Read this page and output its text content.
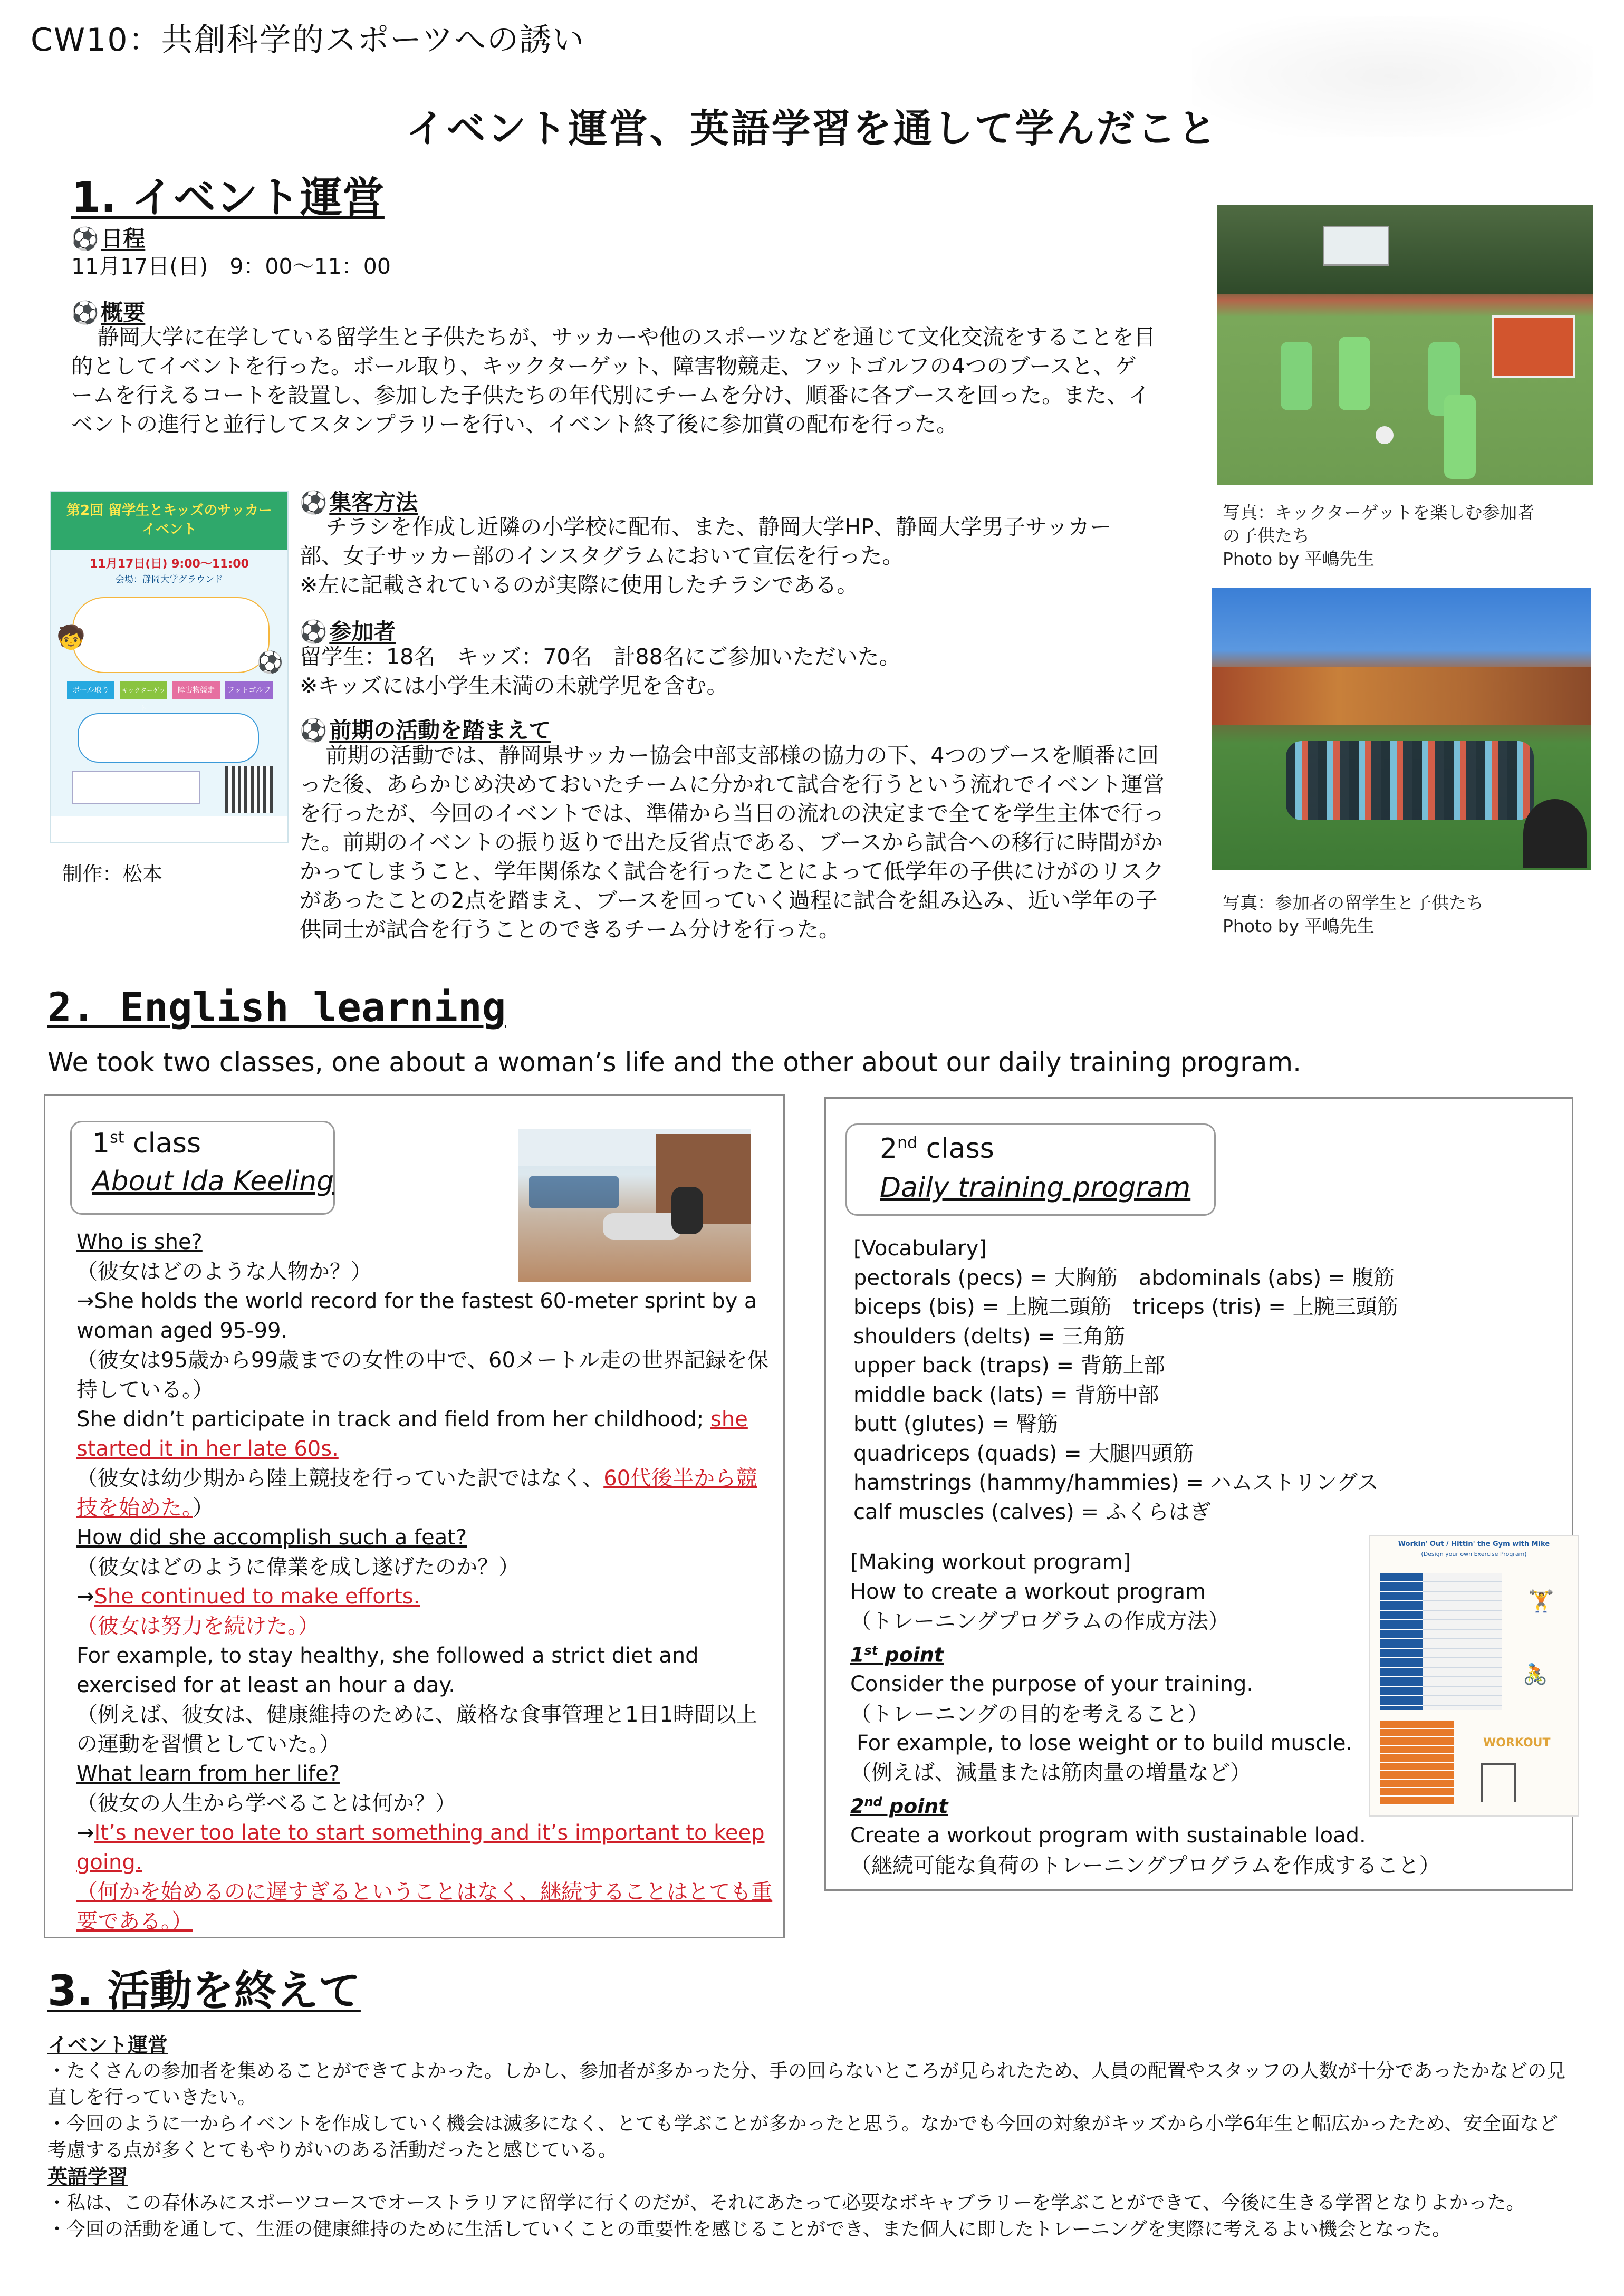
CW10：共創科学的スポーツへの誘い
イベント運営、英語学習を通して学んだこと
1. イベント運営
⚽日程
11月17日(日)　9：00〜11：00
⚽概要
静岡大学に在学している留学生と子供たちが、サッカーや他のスポーツなどを通じて文化交流をすることを目的としてイベントを行った。ボール取り、キックターゲット、障害物競走、フットゴルフの4つのブースと、ゲームを行えるコートを設置し、参加した子供たちの年代別にチームを分け、順番に各ブースを回った。また、イベントの進行と並行してスタンプラリーを行い、イベント終了後に参加賞の配布を行った。
第2回 留学生とキッズのサッカーイベント
11月17日(日) 9:00〜11:00
会場：静岡大学グラウンド
🧒
⚽
ボール取り	キックターゲット
障害物競走	フットゴルフ
制作：松本
⚽集客方法

チラシを作成し近隣の小学校に配布、また、静岡大学HP、静岡大学男子サッカー部、女子サッカー部のインスタグラムにおいて宣伝を行った。

※左に記載されているのが実際に使用したチラシである。

⚽参加者

留学生：18名　キッズ：70名　計88名にご参加いただいた。

※キッズには小学生未満の未就学児を含む。

⚽前期の活動を踏まえて
前期の活動では、静岡県サッカー協会中部支部様の協力の下、4つのブースを順番に回った後、あらかじめ決めておいたチームに分かれて試合を行うという流れでイベント運営を行ったが、今回のイベントでは、準備から当日の流れの決定まで全てを学生主体で行った。前期のイベントの振り返りで出た反省点である、ブースから試合への移行に時間がかかってしまうこと、学年関係なく試合を行ったことによって低学年の子供にけがのリスクがあったことの2点を踏まえ、ブースを回っていく過程に試合を組み込み、近い学年の子供同士が試合を行うことのできるチーム分けを行った。
写真：キックターゲットを楽しむ参加者
の子供たち
Photo by 平嶋先生
写真：参加者の留学生と子供たち
Photo by 平嶋先生
2. English learning
We took two classes, one about a woman’s life and the other about our daily training program.
1st class
About Ida Keeling
Who is she?
（彼女はどのような人物か？）
→She holds the world record for the fastest 60-meter sprint by a woman aged 95-99.
（彼女は95歳から99歳までの女性の中で、60メートル走の世界記録を保持している。）
She didn’t participate in track and field from her childhood; she started it in her late 60s.
（彼女は幼少期から陸上競技を行っていた訳ではなく、60代後半から競技を始めた。）
How did she accomplish such a feat?
（彼女はどのように偉業を成し遂げたのか？）
→She continued to make efforts.
（彼女は努力を続けた。）
For example, to stay healthy, she followed a strict diet and exercised for at least an hour a day.
（例えば、彼女は、健康維持のために、厳格な食事管理と1日1時間以上の運動を習慣としていた。）
What learn from her life?
（彼女の人生から学べることは何か？）
→It’s never too late to start something and it’s important to keep going.
（何かを始めるのに遅すぎるということはなく、継続することはとても重要である。）
2nd class
Daily training program
[Vocabulary]
pectorals (pecs) = 大胸筋　abdominals (abs) = 腹筋
biceps (bis) = 上腕二頭筋　triceps (tris) = 上腕三頭筋
shoulders (delts) = 三角筋
upper back (traps) = 背筋上部
middle back (lats) = 背筋中部
butt (glutes) = 臀筋
quadriceps (quads) = 大腿四頭筋
hamstrings (hammy/hammies) = ハムストリングス
calf muscles (calves) = ふくらはぎ
[Making workout program]
How to create a workout program
（トレーニングプログラムの作成方法）
1st point
Consider the purpose of your training.
（トレーニングの目的を考えること）
For example, to lose weight or to build muscle.
（例えば、減量または筋肉量の増量など）
2nd point
Create a workout program with sustainable load.
（継続可能な負荷のトレーニングプログラムを作成すること）
Workin' Out / Hittin' the Gym with Mike
(Design your own Exercise Program)
WORKOUT
🏋
🚴
3. 活動を終えて
イベント運営
・たくさんの参加者を集めることができてよかった。しかし、参加者が多かった分、手の回らないところが見られたため、人員の配置やスタッフの人数が十分であったかなどの見直しを行っていきたい。
・今回のように一からイベントを作成していく機会は滅多になく、とても学ぶことが多かったと思う。なかでも今回の対象がキッズから小学6年生と幅広かったため、安全面など考慮する点が多くとてもやりがいのある活動だったと感じている。
英語学習
・私は、この春休みにスポーツコースでオーストラリアに留学に行くのだが、それにあたって必要なボキャブラリーを学ぶことができて、今後に生きる学習となりよかった。
・今回の活動を通して、生涯の健康維持のために生活していくことの重要性を感じることができ、また個人に即したトレーニングを実際に考えるよい機会となった。
